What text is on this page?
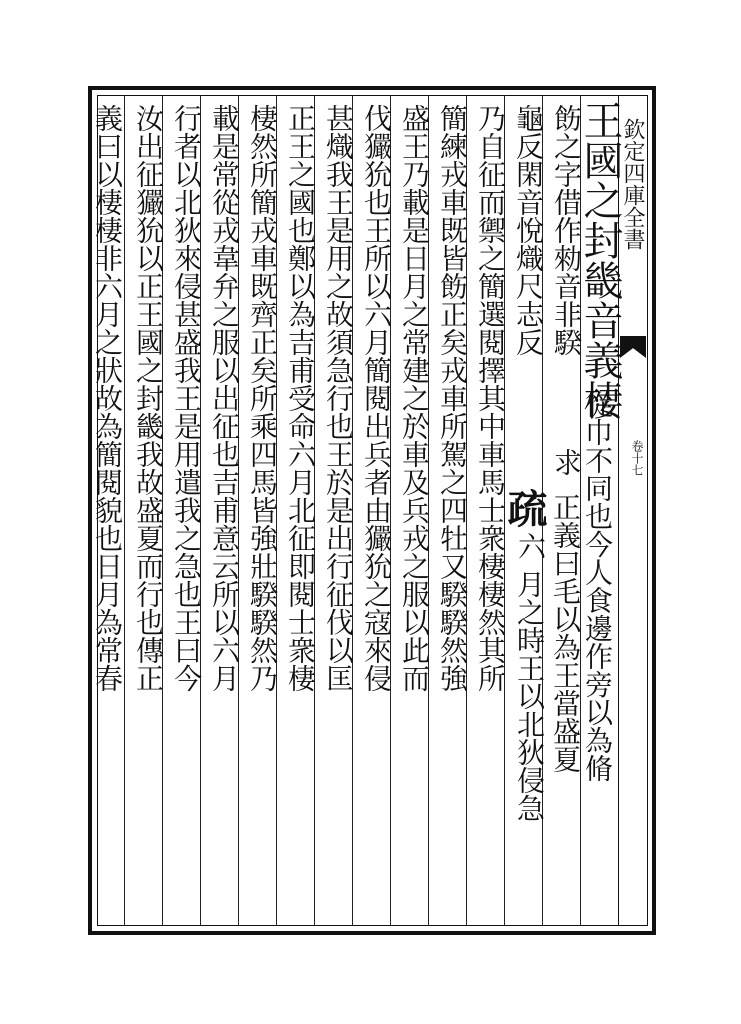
欽定四庫全書
卷十七
王國之封畿音義棲
從巾不同也今人食邊作旁以為脩
飭之字借作勑音非騤
求
龜反閑音悅熾尺志反
疏
六 正義曰毛以為王當盛夏
月之時王以北狄侵急
乃自征而禦之簡選閱擇其中車馬士衆棲棲然其所
簡練戎車既皆飭正矣戎車所駕之四牡又騤騤然強
盛王乃載是日月之常建之於車及兵戎之服以此而
伐玁狁也王所以六月簡閱出兵者由玁狁之寇來侵
甚熾我王是用之故須急行也王於是出行征伐以匡
正王之國也鄭以為吉甫受命六月北征即閱士衆棲
棲然所簡戎車既齊正矣所乘四馬皆強壯騤騤然乃
載是常從戎韋弁之服以出征也吉甫意云所以六月
行者以北狄來侵甚盛我王是用遣我之急也王曰今
汝出征玁狁以正王國之封畿我故盛夏而行也傳正
義曰以棲棲非六月之狀故為簡閱貌也日月為常春
